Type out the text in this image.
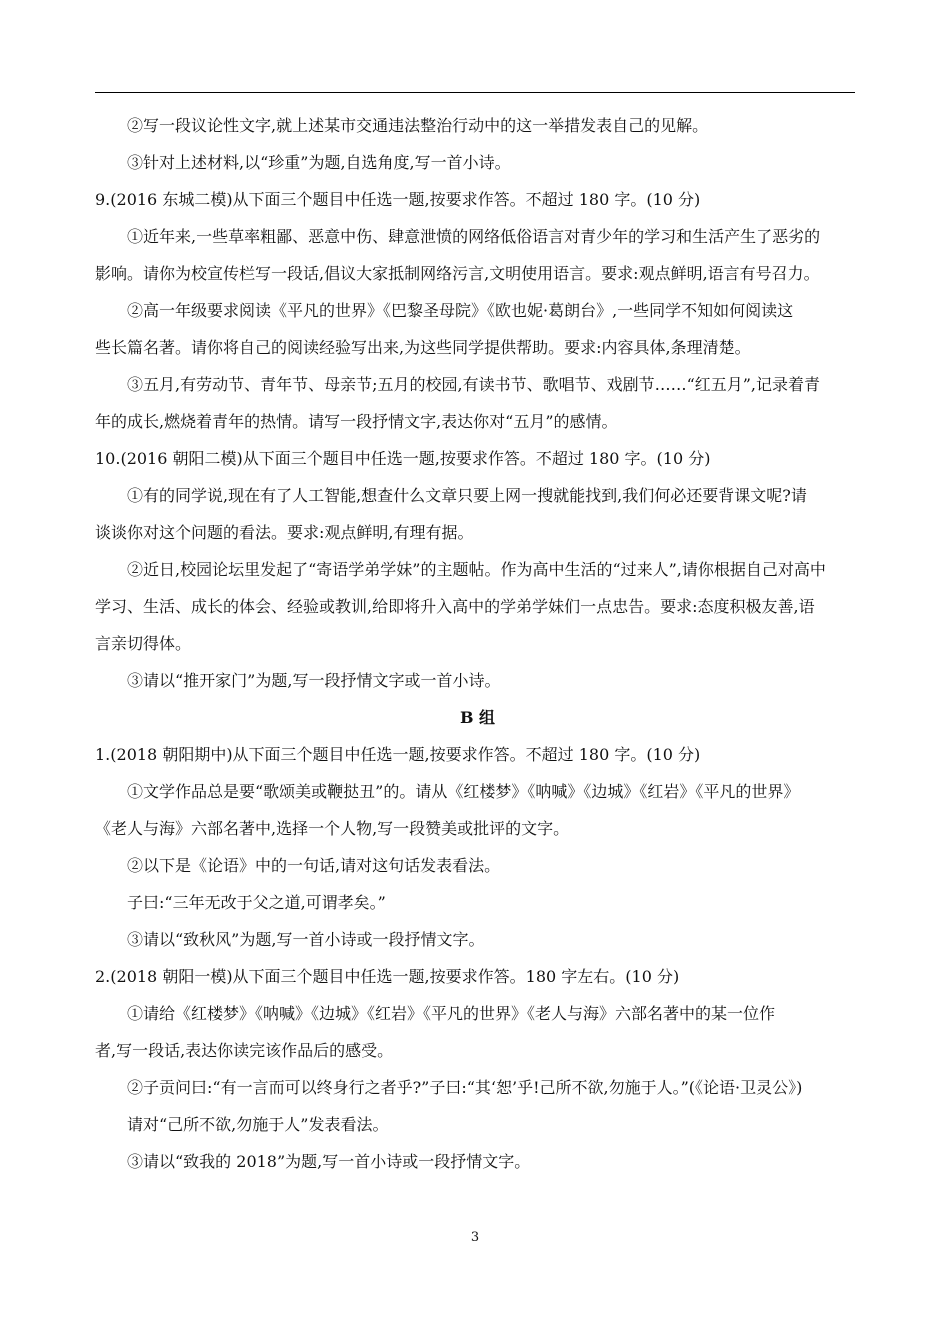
②写一段议论性文字,就上述某市交通违法整治行动中的这一举措发表自己的见解。
③针对上述材料,以“珍重”为题,自选角度,写一首小诗。
9.(2016 东城二模)从下面三个题目中任选一题,按要求作答。不超过 180 字。(10 分)
①近年来,一些草率粗鄙、恶意中伤、肆意泄愤的网络低俗语言对青少年的学习和生活产生了恶劣的
影响。请你为校宣传栏写一段话,倡议大家抵制网络污言,文明使用语言。要求:观点鲜明,语言有号召力。
②高一年级要求阅读《平凡的世界》《巴黎圣母院》《欧也妮·葛朗台》,一些同学不知如何阅读这
些长篇名著。请你将自己的阅读经验写出来,为这些同学提供帮助。要求:内容具体,条理清楚。
③五月,有劳动节、青年节、母亲节;五月的校园,有读书节、歌唱节、戏剧节……“红五月”,记录着青
年的成长,燃烧着青年的热情。请写一段抒情文字,表达你对“五月”的感情。
10.(2016 朝阳二模)从下面三个题目中任选一题,按要求作答。不超过 180 字。(10 分)
①有的同学说,现在有了人工智能,想查什么文章只要上网一搜就能找到,我们何必还要背课文呢?请
谈谈你对这个问题的看法。要求:观点鲜明,有理有据。
②近日,校园论坛里发起了“寄语学弟学妹”的主题帖。作为高中生活的“过来人”,请你根据自己对高中
学习、生活、成长的体会、经验或教训,给即将升入高中的学弟学妹们一点忠告。要求:态度积极友善,语
言亲切得体。
③请以“推开家门”为题,写一段抒情文字或一首小诗。
B 组
1.(2018 朝阳期中)从下面三个题目中任选一题,按要求作答。不超过 180 字。(10 分)
①文学作品总是要“歌颂美或鞭挞丑”的。请从《红楼梦》《呐喊》《边城》《红岩》《平凡的世界》
《老人与海》六部名著中,选择一个人物,写一段赞美或批评的文字。
②以下是《论语》中的一句话,请对这句话发表看法。
子曰:“三年无改于父之道,可谓孝矣。”
③请以“致秋风”为题,写一首小诗或一段抒情文字。
2.(2018 朝阳一模)从下面三个题目中任选一题,按要求作答。180 字左右。(10 分)
①请给《红楼梦》《呐喊》《边城》《红岩》《平凡的世界》《老人与海》六部名著中的某一位作
者,写一段话,表达你读完该作品后的感受。
②子贡问曰:“有一言而可以终身行之者乎?”子曰:“其‘恕’乎!己所不欲,勿施于人。”(《论语·卫灵公》)
请对“己所不欲,勿施于人”发表看法。
③请以“致我的 2018”为题,写一首小诗或一段抒情文字。
3
